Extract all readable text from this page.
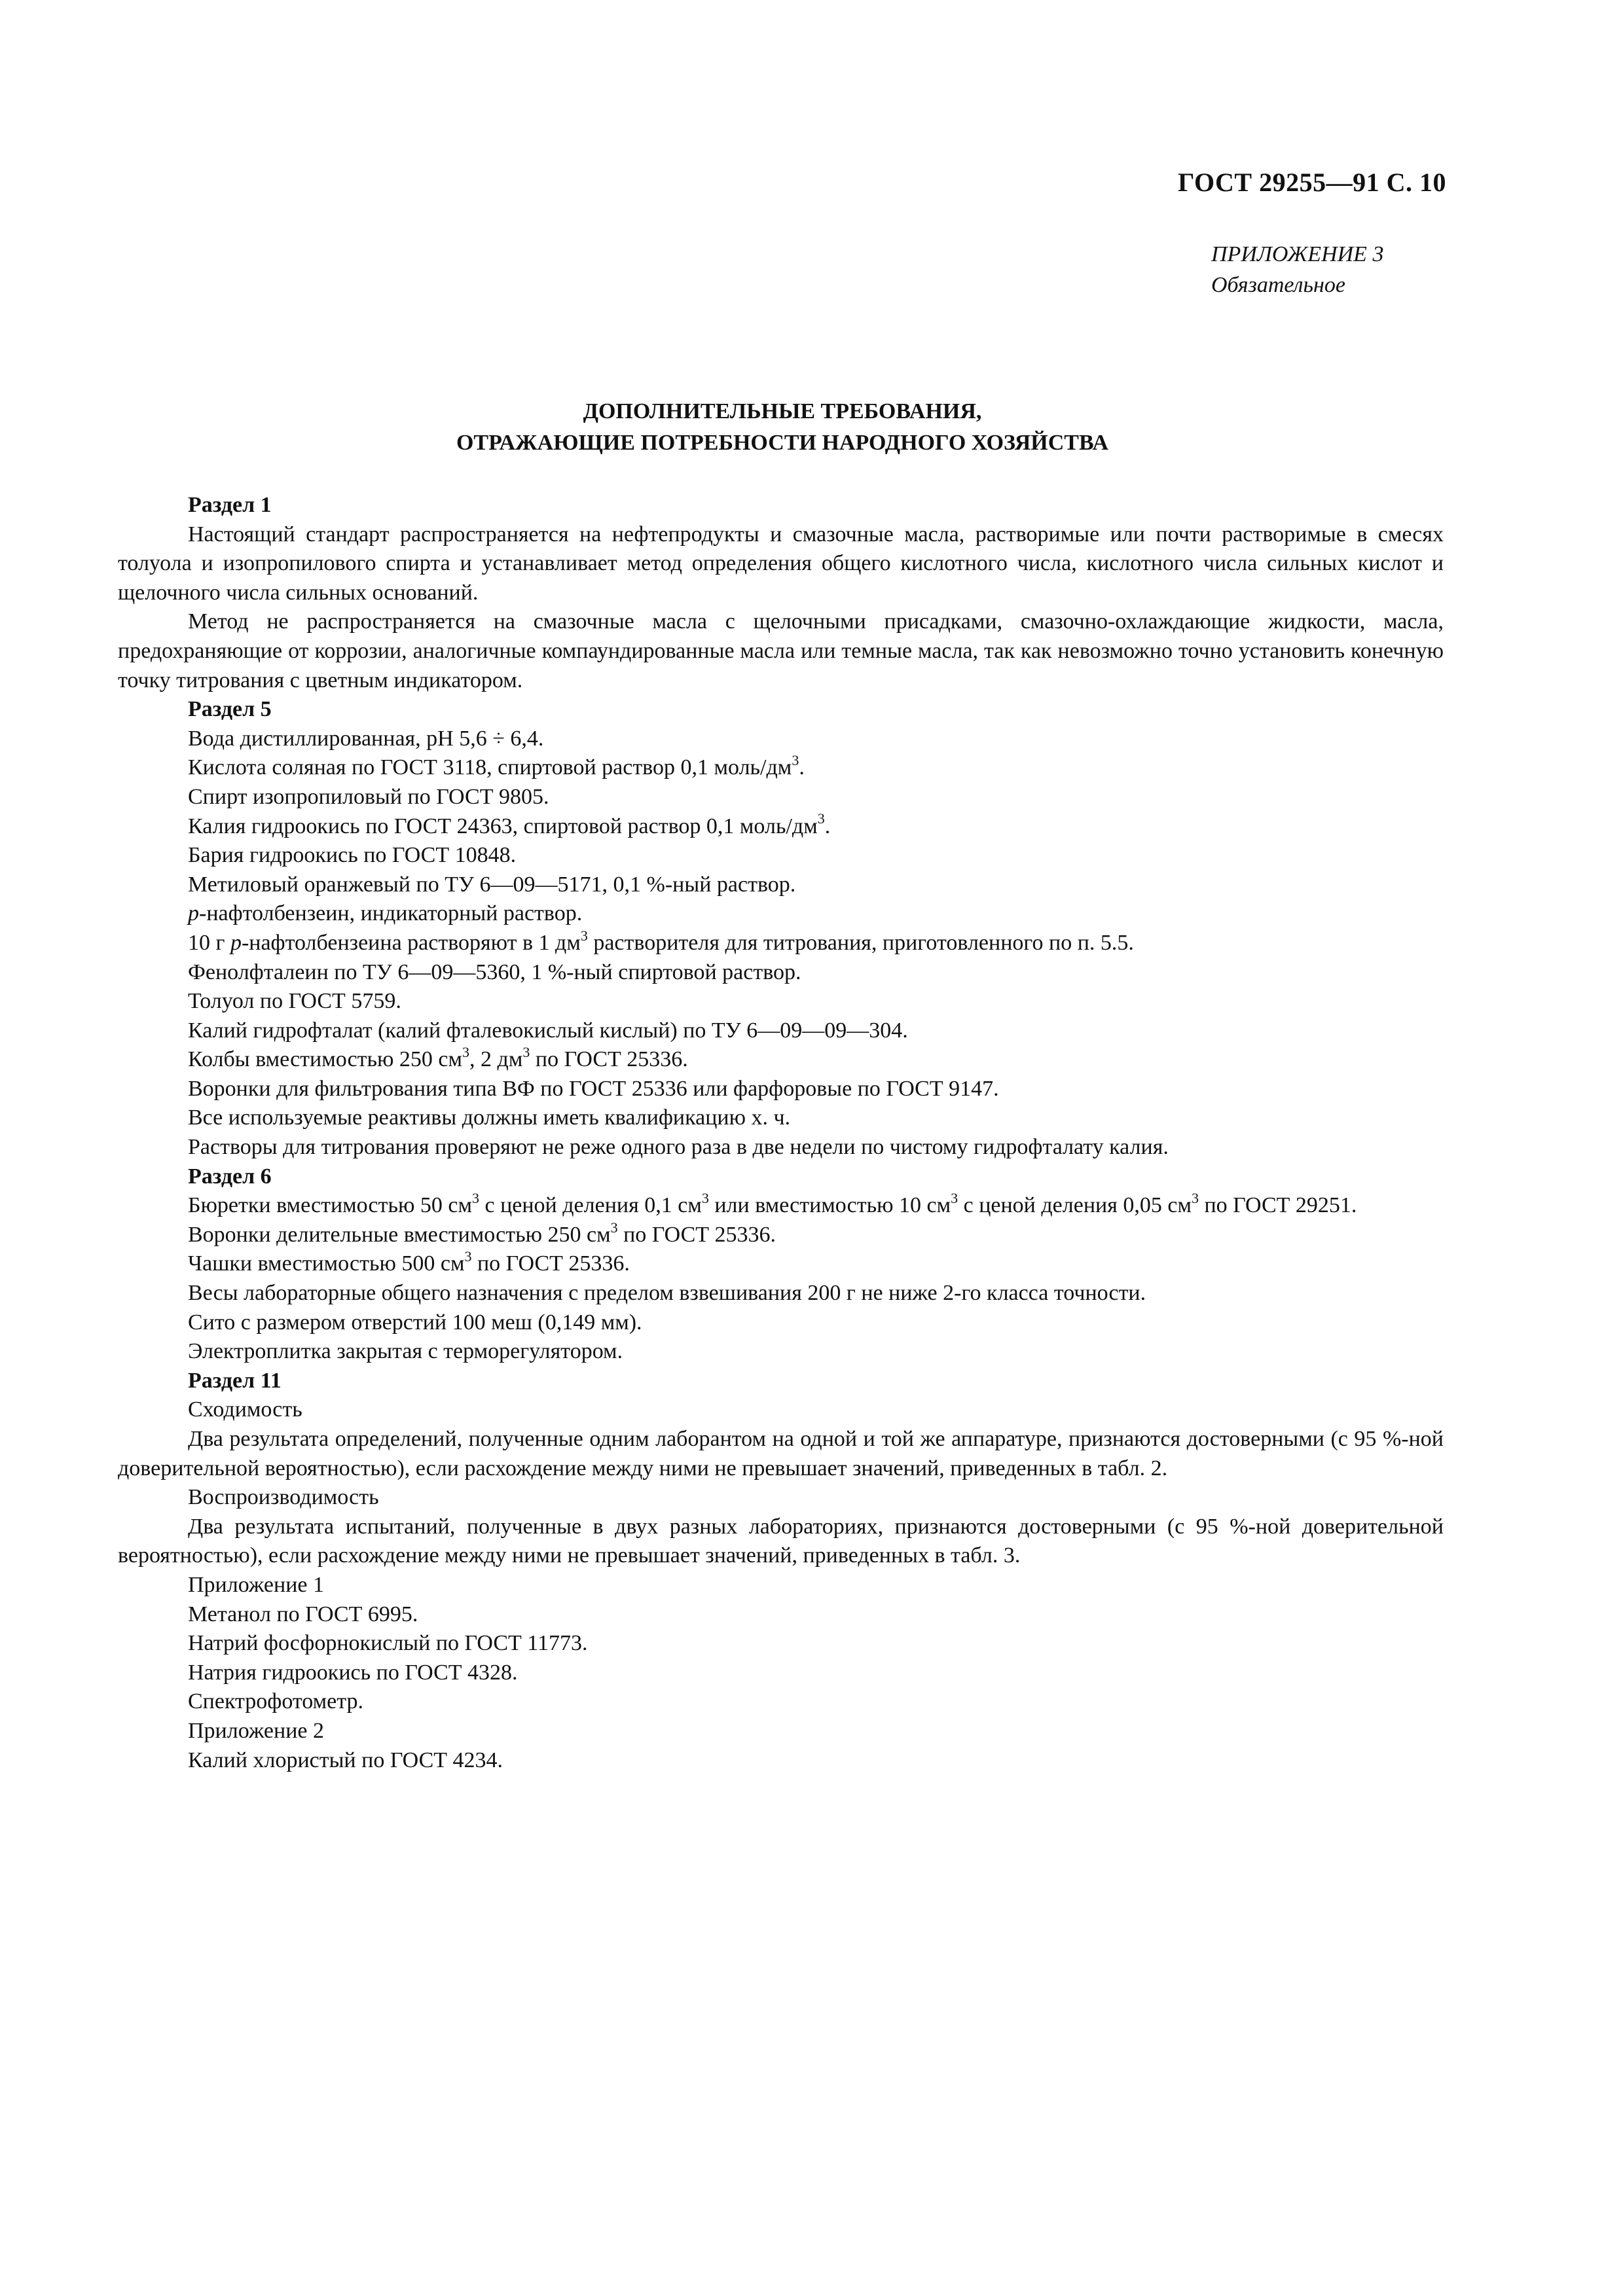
ГОСТ 29255—91 С. 10
ПРИЛОЖЕНИЕ 3
Обязательное
ДОПОЛНИТЕЛЬНЫЕ ТРЕБОВАНИЯ,
ОТРАЖАЮЩИЕ ПОТРЕБНОСТИ НАРОДНОГО ХОЗЯЙСТВА
Раздел 1

Настоящий стандарт распространяется на нефтепродукты и смазочные масла, растворимые или почти растворимые в смесях толуола и изопропилового спирта и устанавливает метод определения общего кислотного числа, кислотного числа сильных кислот и щелочного числа сильных оснований.

Метод не распространяется на смазочные масла с щелочными присадками, смазочно-охлаждающие жидкости, масла, предохраняющие от коррозии, аналогичные компаундированные масла или темные масла, так как невозможно точно установить конечную точку титрования с цветным индикатором.

Раздел 5
Вода дистиллированная, pH 5,6 ÷ 6,4.
Кислота соляная по ГОСТ 3118, спиртовой раствор 0,1 моль/$дм^3$.
Спирт изопропиловый по ГОСТ 9805.
Калия гидроокись по ГОСТ 24363, спиртовой раствор 0,1 моль/$дм^3$.
Бария гидроокись по ГОСТ 10848.
Метиловый оранжевый по ТУ 6—09—5171, 0,1 %-ный раствор.
p-нафтолбензеин, индикаторный раствор.
10 г p-нафтолбензеина растворяют в 1 $дм^3$ растворителя для титрования, приготовленного по п. 5.5.
Фенолфталеин по ТУ 6—09—5360, 1 %-ный спиртовой раствор.
Толуол по ГОСТ 5759.
Калий гидрофталат (калий фталевокислый кислый) по ТУ 6—09—09—304.
Колбы вместимостью 250 $см^3$, 2 $дм^3$ по ГОСТ 25336.
Воронки для фильтрования типа ВФ по ГОСТ 25336 или фарфоровые по ГОСТ 9147.
Все используемые реактивы должны иметь квалификацию х. ч.
Растворы для титрования проверяют не реже одного раза в две недели по чистому гидрофталату калия.
Раздел 6

Бюретки вместимостью 50 $см^3$ с ценой деления 0,1 $см^3$ или вместимостью 10 $см^3$ с ценой деления 0,05 $см^3$ по ГОСТ 29251.

Воронки делительные вместимостью 250 $см^3$ по ГОСТ 25336.
Чашки вместимостью 500 $см^3$ по ГОСТ 25336.
Весы лабораторные общего назначения с пределом взвешивания 200 г не ниже 2-го класса точности.
Сито с размером отверстий 100 меш (0,149 мм).
Электроплитка закрытая с терморегулятором.
Раздел 11
Сходимость

Два результата определений, полученные одним лаборантом на одной и той же аппаратуре, признаются достоверными (с 95 %-ной доверительной вероятностью), если расхождение между ними не превышает значений, приведенных в табл. 2.

Воспроизводимость

Два результата испытаний, полученные в двух разных лабораториях, признаются достоверными (с 95 %-ной доверительной вероятностью), если расхождение между ними не превышает значений, приведенных в табл. 3.

Приложение 1
Метанол по ГОСТ 6995.
Натрий фосфорнокислый по ГОСТ 11773.
Натрия гидроокись по ГОСТ 4328.
Спектрофотометр.
Приложение 2
Калий хлористый по ГОСТ 4234.
